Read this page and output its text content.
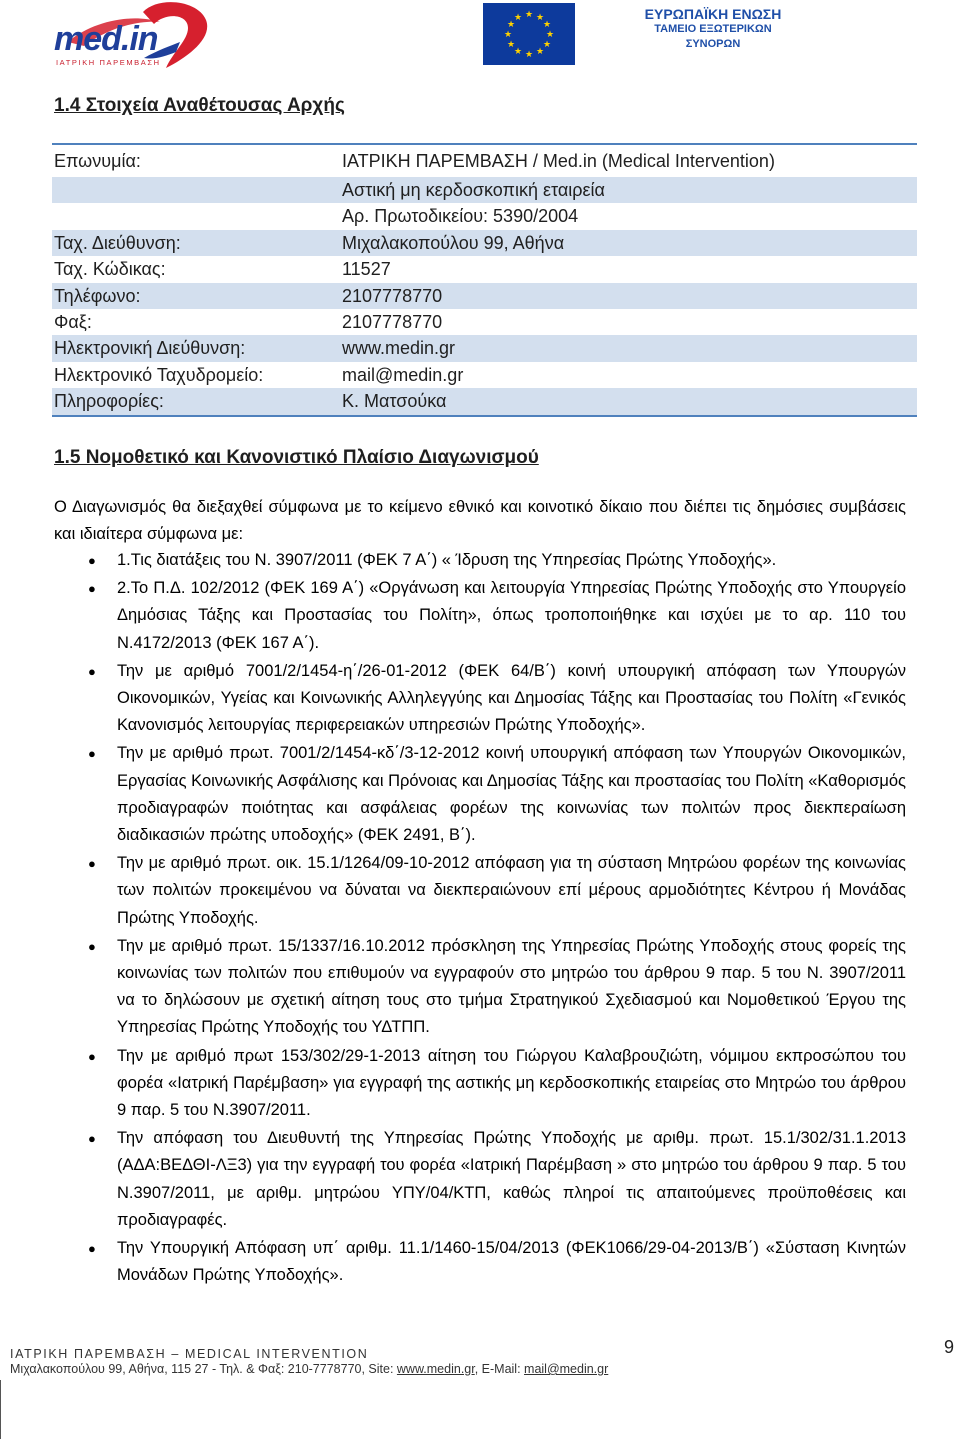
med.in
ΙΑΤΡΙΚΗ ΠΑΡΕΜΒΑΣΗ
★ ★
★
★
★
★
★
★
★
★
★
★	ΕΥΡΩΠΑΪΚΗ ΕΝΩΣΗ
ΤΑΜΕΙΟ ΕΞΩΤΕΡΙΚΩΝ
ΣΥΝΟΡΩΝ
1.4 Στοιχεία Αναθέτουσας Αρχής
Επωνυμία:	ΙΑΤΡΙΚΗ ΠΑΡΕΜΒΑΣΗ / Med.in (Medical Intervention)
Αστική μη κερδοσκοπική εταιρεία
Αρ. Πρωτοδικείου: 5390/2004
Ταχ. Διεύθυνση:	Μιχαλακοπούλου 99, Αθήνα
Ταχ. Κώδικας:	11527
Τηλέφωνο:	2107778770
Φαξ:	2107778770
Ηλεκτρονική Διεύθυνση:	www.medin.gr
Ηλεκτρονικό Ταχυδρομείο:	mail@medin.gr
Πληροφορίες:	Κ. Ματσούκα
1.5 Νομοθετικό και Κανονιστικό Πλαίσιο Διαγωνισμού
Ο Διαγωνισμός θα διεξαχθεί σύμφωνα με το κείμενο εθνικό και κοινοτικό δίκαιο που διέπει τις δημόσιες συμβάσεις και ιδιαίτερα σύμφωνα με:
● 1.Τις διατάξεις του Ν. 3907/2011 (ΦΕΚ 7 Α΄) « Ίδρυση της Υπηρεσίας Πρώτης Υποδοχής».
● 2.Το Π.Δ. 102/2012 (ΦΕΚ 169 Α΄) «Οργάνωση και λειτουργία Υπηρεσίας Πρώτης Υποδοχής στο Υπουργείο Δημόσιας Τάξης και Προστασίας του Πολίτη», όπως τροποποιήθηκε και ισχύει με το αρ. 110 του Ν.4172/2013 (ΦΕΚ 167 Α΄).
● Την με αριθμό 7001/2/1454-η΄/26-01-2012 (ΦΕΚ 64/Β΄) κοινή υπουργική απόφαση των Υπουργών Οικονομικών, Υγείας και Κοινωνικής Αλληλεγγύης και Δημοσίας Τάξης και Προστασίας του Πολίτη «Γενικός Κανονισμός λειτουργίας περιφερειακών υπηρεσιών Πρώτης Υποδοχής».
● Την με αριθμό πρωτ. 7001/2/1454-κδ΄/3-12-2012 κοινή υπουργική απόφαση των Υπουργών Οικονομικών, Εργασίας Κοινωνικής Ασφάλισης και Πρόνοιας και Δημοσίας Τάξης και προστασίας του Πολίτη «Καθορισμός προδιαγραφών ποιότητας και ασφάλειας φορέων της κοινωνίας των πολιτών προς διεκπεραίωση διαδικασιών πρώτης υποδοχής» (ΦΕΚ 2491, Β΄).
● Την με αριθμό πρωτ. οικ. 15.1/1264/09-10-2012 απόφαση για τη σύσταση Μητρώου φορέων της κοινωνίας των πολιτών προκειμένου να δύναται να διεκπεραιώνουν επί μέρους αρμοδιότητες Κέντρου ή Μονάδας Πρώτης Υποδοχής.
● Την με αριθμό πρωτ. 15/1337/16.10.2012 πρόσκληση της Υπηρεσίας Πρώτης Υποδοχής στους φορείς της κοινωνίας των πολιτών που επιθυμούν να εγγραφούν στο μητρώο του άρθρου 9 παρ. 5 του Ν. 3907/2011 να το δηλώσουν με σχετική αίτηση τους στο τμήμα Στρατηγικού Σχεδιασμού και Νομοθετικού Έργου της Υπηρεσίας Πρώτης Υποδοχής του ΥΔΤΠΠ.
● Την με αριθμό πρωτ 153/302/29-1-2013 αίτηση του Γιώργου Καλαβρουζιώτη, νόμιμου εκπροσώπου του φορέα «Ιατρική Παρέμβαση» για εγγραφή της αστικής μη κερδοσκοπικής εταιρείας στο Μητρώο του άρθρου 9 παρ. 5 του Ν.3907/2011.
● Την απόφαση του Διευθυντή της Υπηρεσίας Πρώτης Υποδοχής με αριθμ. πρωτ. 15.1/302/31.1.2013 (ΑΔΑ:ΒΕΔΘΙ-ΛΞ3) για την εγγραφή του φορέα «Ιατρική Παρέμβαση » στο μητρώο του άρθρου 9 παρ. 5 του Ν.3907/2011, με αριθμ. μητρώου ΥΠΥ/04/ΚΤΠ, καθώς πληροί τις απαιτούμενες προϋποθέσεις και προδιαγραφές.
● Την Υπουργική Απόφαση υπ΄ αριθμ. 11.1/1460-15/04/2013 (ΦΕΚ1066/29-04-2013/Β΄) «Σύσταση Κινητών Μονάδων Πρώτης Υποδοχής».
ΙΑΤΡΙΚΗ ΠΑΡΕΜΒΑΣΗ – MEDICAL INTERVENTION
Μιχαλακοπούλου 99, Αθήνα, 115 27 - Τηλ. & Φαξ: 210-7778770, Site: www.medin.gr, E-Mail: mail@medin.gr
9
